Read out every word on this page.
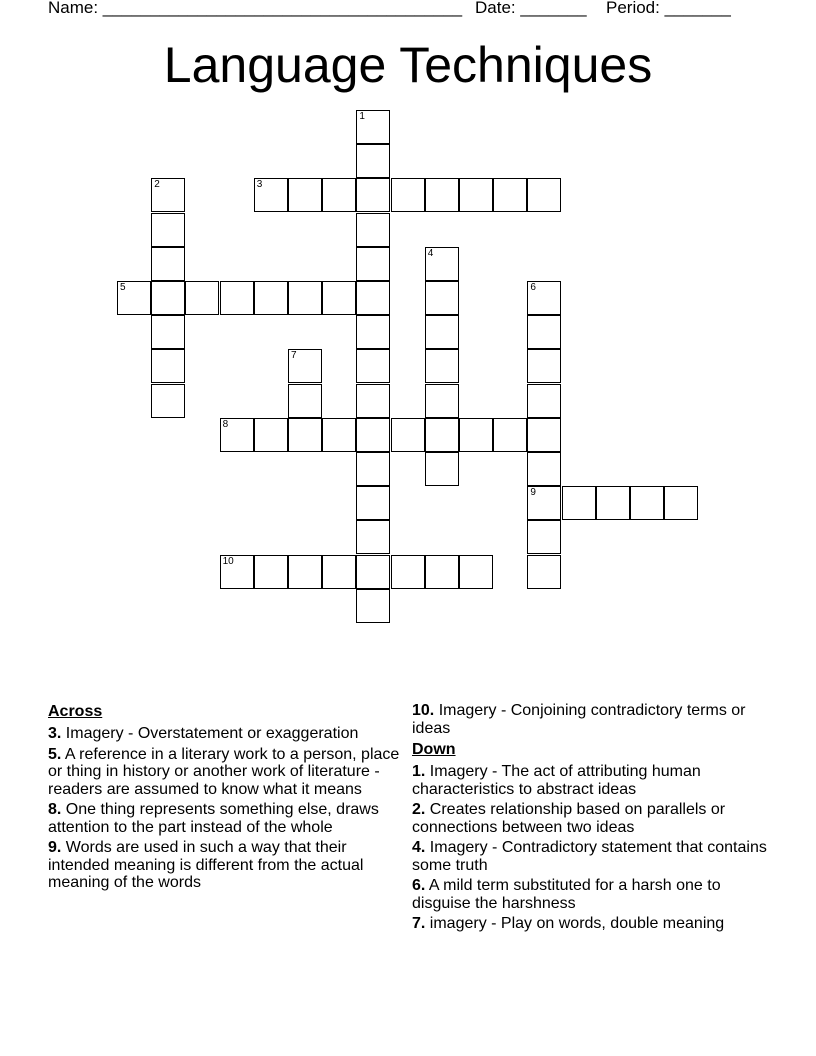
Name: ______________________________________ Date: _______ Period: _______
Language Techniques
1
2	3
4
5	6
9
7
8
10
Across
3. Imagery - Overstatement or exaggeration
5. A reference in a literary work to a person, place or thing in history or another work of literature - readers are assumed to know what it means
8. One thing represents something else, draws attention to the part instead of the whole
9. Words are used in such a way that their intended meaning is different from the actual meaning of the words
10. Imagery - Conjoining contradictory terms or ideas
Down
1. Imagery - The act of attributing human characteristics to abstract ideas
2. Creates relationship based on parallels or connections between two ideas
4. Imagery - Contradictory statement that contains some truth
6. A mild term substituted for a harsh one to disguise the harshness
7. imagery - Play on words, double meaning
